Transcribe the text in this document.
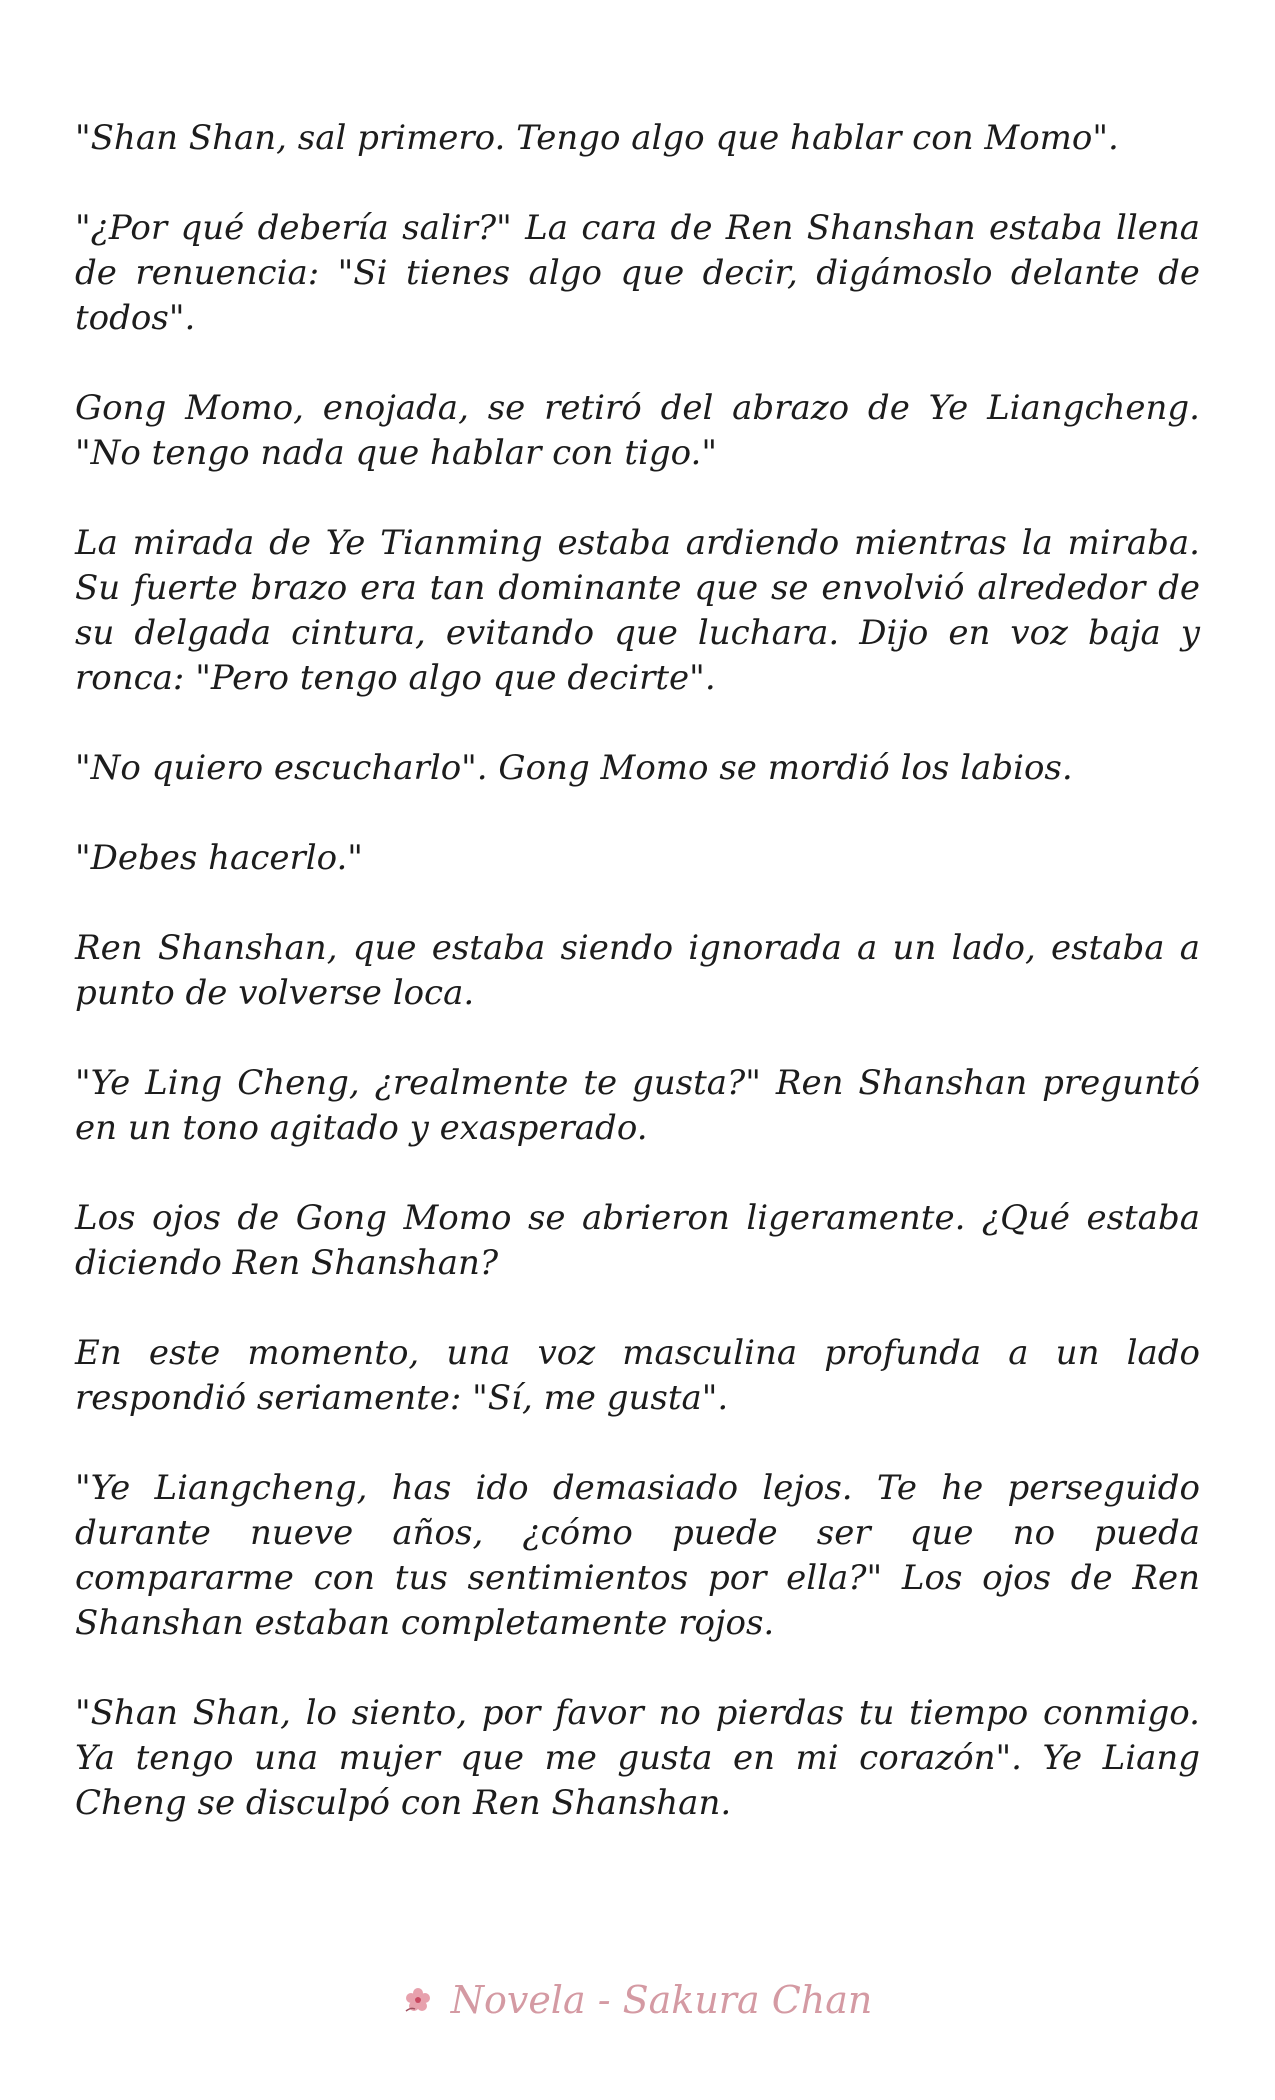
"Shan Shan, sal primero. Tengo algo que hablar con Momo".

"¿Por qué debería salir?" La cara de Ren Shanshan estaba llena de renuencia: "Si tienes algo que decir, digámoslo delante de todos".

Gong Momo, enojada, se retiró del abrazo de Ye Liangcheng. "No tengo nada que hablar con tigo."

La mirada de Ye Tianming estaba ardiendo mientras la miraba. Su fuerte brazo era tan dominante que se envolvió alrededor de su delgada cintura, evitando que luchara. Dijo en voz baja y ronca: "Pero tengo algo que decirte".

"No quiero escucharlo". Gong Momo se mordió los labios.

"Debes hacerlo."

Ren Shanshan, que estaba siendo ignorada a un lado, estaba a punto de volverse loca.

"Ye Ling Cheng, ¿realmente te gusta?" Ren Shanshan preguntó en un tono agitado y exasperado.

Los ojos de Gong Momo se abrieron ligeramente. ¿Qué estaba diciendo Ren Shanshan?

En este momento, una voz masculina profunda a un lado respondió seriamente: "Sí, me gusta".

"Ye Liangcheng, has ido demasiado lejos. Te he perseguido durante nueve años, ¿cómo puede ser que no pueda compararme con tus sentimientos por ella?" Los ojos de Ren Shanshan estaban completamente rojos.

"Shan Shan, lo siento, por favor no pierdas tu tiempo conmigo. Ya tengo una mujer que me gusta en mi corazón". Ye Liang Cheng se disculpó con Ren Shanshan.

Novela - Sakura Chan
